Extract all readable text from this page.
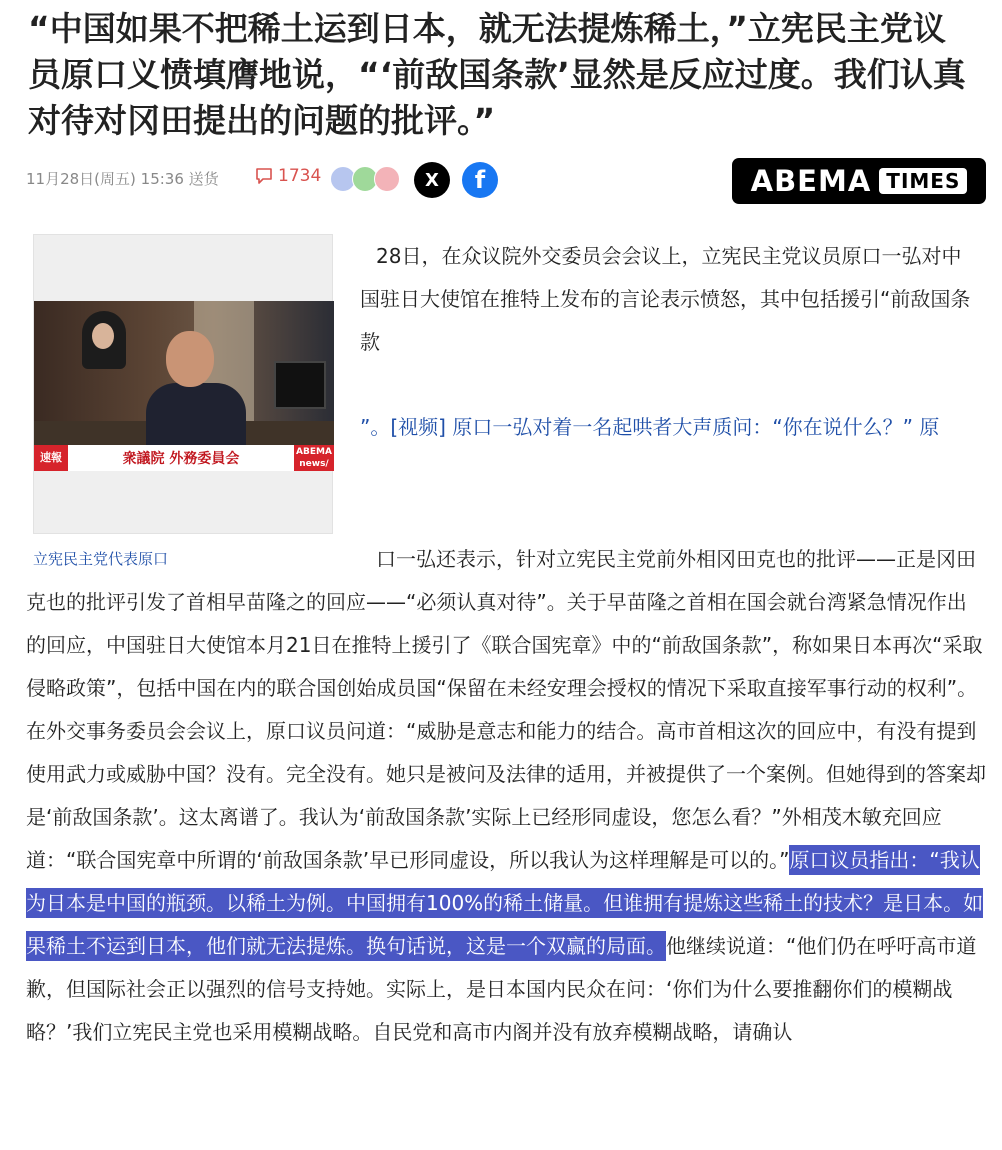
“中国如果不把稀土运到日本，就无法提炼稀土，”立宪民主党议员原口义愤填膺地说，“‘前敌国条款’显然是反应过度。我们认真对待对冈田提出的问题的批评。”
11月28日(周五) 15:36 送货	1734	X f	ABEMA TIMES
速報	衆議院 外務委員会	ABEMA news/
立宪民主党代表原口

28日，在众议院外交委员会会议上，立宪民主党议员原口一弘对中国驻日大使馆在推特上发布的言论表示愤怒，其中包括援引“前敌国条款

”。[视频] 原口一弘对着一名起哄者大声质问：“你在说什么？” 原

口一弘还表示，针对立宪民主党前外相冈田克也的批评——正是冈田克也的批评引发了首相早苗隆之的回应——“必须认真对待”。关于早苗隆之首相在国会就台湾紧急情况作出的回应，中国驻日大使馆本月21日在推特上援引了《联合国宪章》中的“前敌国条款”，称如果日本再次“采取侵略政策”，包括中国在内的联合国创始成员国“保留在未经安理会授权的情况下采取直接军事行动的权利”。在外交事务委员会会议上，原口议员问道：“威胁是意志和能力的结合。高市首相这次的回应中，有没有提到使用武力或威胁中国？没有。完全没有。她只是被问及法律的适用，并被提供了一个案例。但她得到的答案却是‘前敌国条款’。这太离谱了。我认为‘前敌国条款’实际上已经形同虚设，您怎么看？”外相茂木敏充回应道：“联合国宪章中所谓的‘前敌国条款’早已形同虚设，所以我认为这样理解是可以的。”原口议员指出：“我认为日本是中国的瓶颈。以稀土为例。中国拥有100%的稀土储量。但谁拥有提炼这些稀土的技术？是日本。如果稀土不运到日本，他们就无法提炼。换句话说，这是一个双赢的局面。他继续说道：“他们仍在呼吁高市道歉，但国际社会正以强烈的信号支持她。实际上，是日本国内民众在问：‘你们为什么要推翻你们的模糊战略？’我们立宪民主党也采用模糊战略。自民党和高市内阁并没有放弃模糊战略，请确认
